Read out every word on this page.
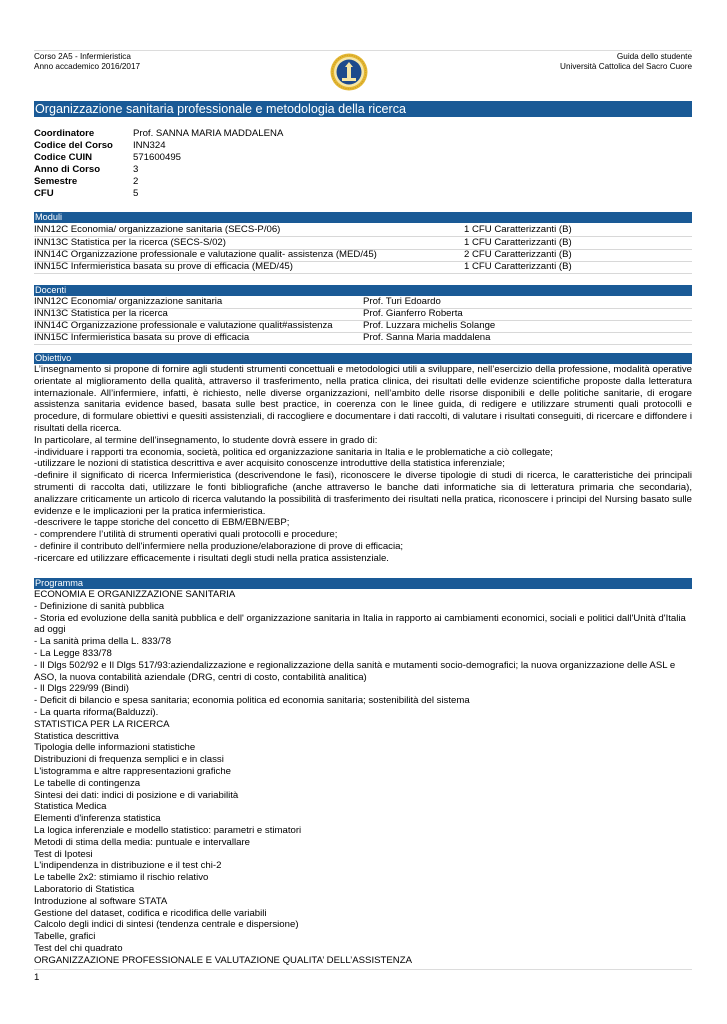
Corso 2A5 - Infermieristica
Anno accademico 2016/2017
Guida dello studente
Università Cattolica del Sacro Cuore
Organizzazione sanitaria professionale e metodologia della ricerca
Coordinatore	Prof. SANNA MARIA MADDALENA
Codice del Corso	INN324
Codice CUIN	571600495
Anno di Corso	3
Semestre	2
CFU	5
Moduli
INN12C Economia/ organizzazione sanitaria (SECS-P/06)	1 CFU Caratterizzanti (B)
INN13C Statistica per la ricerca (SECS-S/02)	1 CFU Caratterizzanti (B)
INN14C Organizzazione professionale e valutazione qualit- assistenza (MED/45)	2 CFU Caratterizzanti (B)
INN15C Infermieristica basata su prove di efficacia (MED/45)	1 CFU Caratterizzanti (B)
Docenti
INN12C Economia/ organizzazione sanitaria	Prof. Turi Edoardo
INN13C Statistica per la ricerca	Prof. Gianferro Roberta
INN14C Organizzazione professionale e valutazione qualit#assistenza	Prof. Luzzara michelis Solange
INN15C Infermieristica basata su prove di efficacia	Prof. Sanna Maria maddalena
Obiettivo

L’insegnamento si propone di fornire agli studenti strumenti concettuali e metodologici utili a sviluppare, nell’esercizio della professione, modalità operative orientate al miglioramento della qualità, attraverso il trasferimento, nella pratica clinica, dei risultati delle evidenze scientifiche proposte dalla letteratura internazionale. All’infermiere, infatti, è richiesto, nelle diverse organizzazioni, nell’ambito delle risorse disponibili e delle politiche sanitarie, di erogare assistenza sanitaria evidence based, basata sulle best practice, in coerenza con le linee guida, di redigere e utilizzare strumenti quali protocolli e procedure, di formulare obiettivi e quesiti assistenziali, di raccogliere e documentare i dati raccolti, di valutare i risultati conseguiti, di ricercare e diffondere i risultati della ricerca.

In particolare, al termine dell’insegnamento, lo studente dovrà essere in grado di:

-individuare i rapporti tra economia, società, politica ed organizzazione sanitaria in Italia e le problematiche a ciò collegate;

-utilizzare le nozioni di statistica descrittiva e aver acquisito conoscenze introduttive della statistica inferenziale;

-definire il significato di ricerca Infermieristica (descrivendone le fasi), riconoscere le diverse tipologie di studi di ricerca, le caratteristiche dei principali strumenti di raccolta dati, utilizzare le fonti bibliografiche (anche attraverso le banche dati informatiche sia di letteratura primaria che secondaria), analizzare criticamente un articolo di ricerca valutando la possibilità di trasferimento dei risultati nella pratica, riconoscere i principi del Nursing basato sulle evidenze e le implicazioni per la pratica infermieristica.

-descrivere le tappe storiche del concetto di EBM/EBN/EBP;

- comprendere l’utilità di strumenti operativi quali protocolli e procedure;

- definire il contributo dell'infermiere nella produzione/elaborazione di prove di efficacia;

-ricercare ed utilizzare efficacemente i risultati degli studi nella pratica assistenziale.

Programma

ECONOMIA E ORGANIZZAZIONE SANITARIA

- Definizione di sanità pubblica

- Storia ed evoluzione della sanità pubblica e dell' organizzazione sanitaria in Italia in rapporto ai cambiamenti economici, sociali e politici dall'Unità d'Italia ad oggi

- La sanità prima della L. 833/78

- La Legge 833/78

- Il Dlgs 502/92 e Il Dlgs 517/93:aziendalizzazione e regionalizzazione della sanità e mutamenti socio-demografici; la nuova organizzazione delle ASL e ASO, la nuova contabilità aziendale (DRG, centri di costo, contabilità analitica)

- Il Dlgs 229/99 (Bindi)

- Deficit di bilancio e spesa sanitaria; economia politica ed economia sanitaria; sostenibilità del sistema

- La quarta riforma(Balduzzi).

STATISTICA PER LA RICERCA

Statistica descrittiva

Tipologia delle informazioni statistiche

Distribuzioni di frequenza semplici e in classi

L'istogramma e altre rappresentazioni grafiche

Le tabelle di contingenza

Sintesi dei dati: indici di posizione e di variabilità

Statistica Medica

Elementi d'inferenza statistica

La logica inferenziale e modello statistico: parametri e stimatori

Metodi di stima della media: puntuale e intervallare

Test di Ipotesi

L'indipendenza in distribuzione e il test chi-2

Le tabelle 2x2: stimiamo il rischio relativo

Laboratorio di Statistica

Introduzione al software STATA

Gestione del dataset, codifica e ricodifica delle variabili

Calcolo degli indici di sintesi (tendenza centrale e dispersione)

Tabelle, grafici

Test del chi quadrato

ORGANIZZAZIONE PROFESSIONALE E VALUTAZIONE QUALITA’ DELL’ASSISTENZA

1
